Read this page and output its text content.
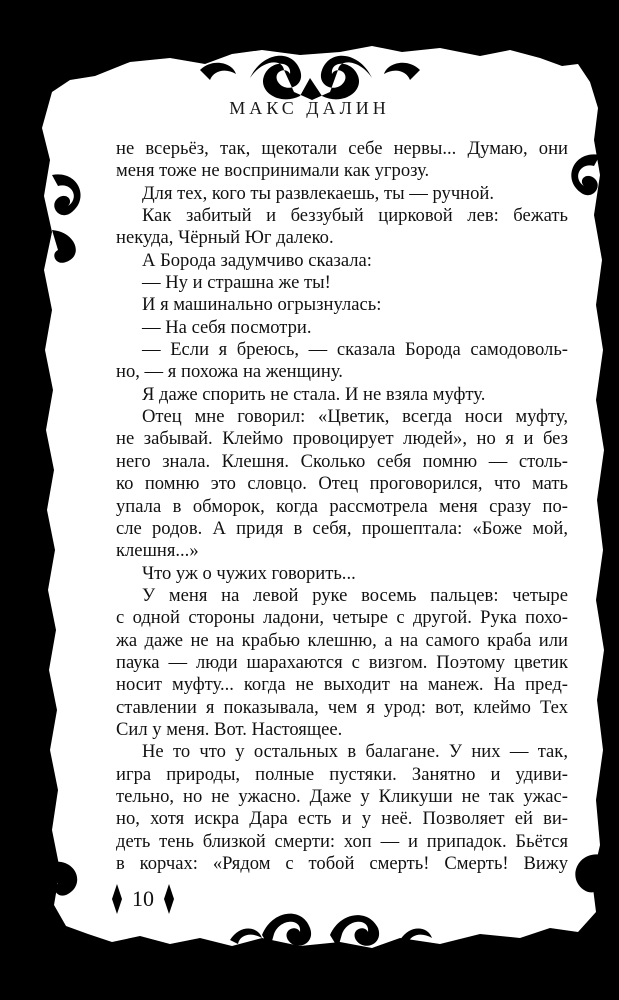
МАКС ДАЛИН
не всерьёз, так, щекотали себе нервы... Думаю, они
меня тоже не воспринимали как угрозу.
Для тех, кого ты развлекаешь, ты — ручной.
Как забитый и беззубый цирковой лев: бежать
некуда, Чёрный Юг далеко.
А Борода задумчиво сказала:
— Ну и страшна же ты!
И я машинально огрызнулась:
— На себя посмотри.
— Если я бреюсь, — сказала Борода самодоволь-
но, — я похожа на женщину.
Я даже спорить не стала. И не взяла муфту.
Отец мне говорил: «Цветик, всегда носи муфту,
не забывай. Клеймо провоцирует людей», но я и без
него знала. Клешня. Сколько себя помню — столь-
ко помню это словцо. Отец проговорился, что мать
упала в обморок, когда рассмотрела меня сразу по-
сле родов. А придя в себя, прошептала: «Боже мой,
клешня...»
Что уж о чужих говорить...
У меня на левой руке восемь пальцев: четыре
с одной стороны ладони, четыре с другой. Рука похо-
жа даже не на крабью клешню, а на самого краба или
паука — люди шарахаются с визгом. Поэтому цветик
носит муфту... когда не выходит на манеж. На пред-
ставлении я показывала, чем я урод: вот, клеймо Тех
Сил у меня. Вот. Настоящее.
Не то что у остальных в балагане. У них — так,
игра природы, полные пустяки. Занятно и удиви-
тельно, но не ужасно. Даже у Кликуши не так ужас-
но, хотя искра Дара есть и у неё. Позволяет ей ви-
деть тень близкой смерти: хоп — и припадок. Бьётся
в корчах: «Рядом с тобой смерть! Смерть! Вижу
10
